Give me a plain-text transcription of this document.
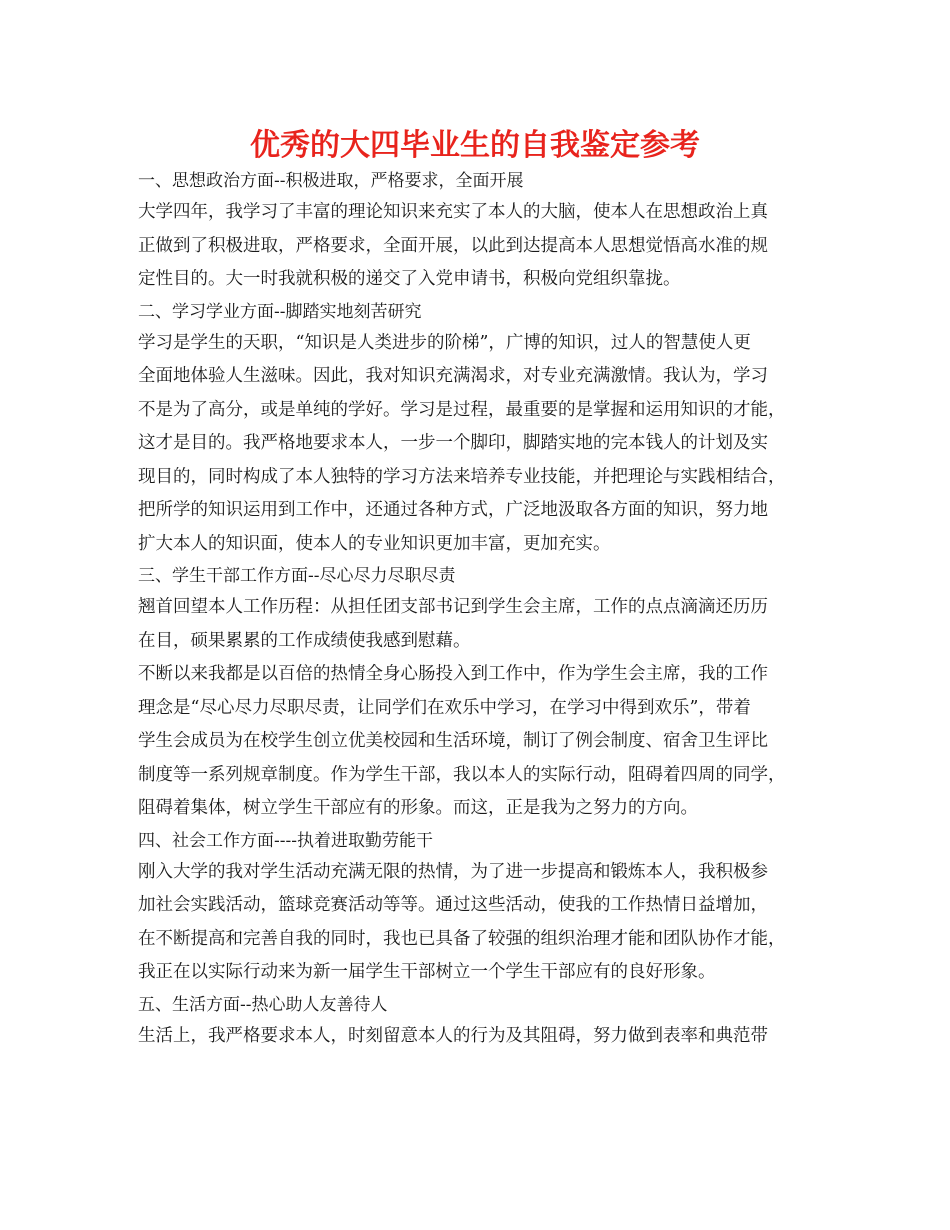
优秀的大四毕业生的自我鉴定参考
一、思想政治方面--积极进取，严格要求，全面开展
大学四年，我学习了丰富的理论知识来充实了本人的大脑，使本人在思想政治上真
正做到了积极进取，严格要求，全面开展，以此到达提高本人思想觉悟高水准的规
定性目的。大一时我就积极的递交了入党申请书，积极向党组织靠拢。
二、学习学业方面--脚踏实地刻苦研究
学习是学生的天职，“知识是人类进步的阶梯”，广博的知识，过人的智慧使人更
全面地体验人生滋味。因此，我对知识充满渴求，对专业充满激情。我认为，学习
不是为了高分，或是单纯的学好。学习是过程，最重要的是掌握和运用知识的才能，
这才是目的。我严格地要求本人，一步一个脚印，脚踏实地的完本钱人的计划及实
现目的，同时构成了本人独特的学习方法来培养专业技能，并把理论与实践相结合，
把所学的知识运用到工作中，还通过各种方式，广泛地汲取各方面的知识，努力地
扩大本人的知识面，使本人的专业知识更加丰富，更加充实。
三、学生干部工作方面--尽心尽力尽职尽责
翘首回望本人工作历程：从担任团支部书记到学生会主席，工作的点点滴滴还历历
在目，硕果累累的工作成绩使我感到慰藉。
不断以来我都是以百倍的热情全身心肠投入到工作中，作为学生会主席，我的工作
理念是“尽心尽力尽职尽责，让同学们在欢乐中学习，在学习中得到欢乐”，带着
学生会成员为在校学生创立优美校园和生活环境，制订了例会制度、宿舍卫生评比
制度等一系列规章制度。作为学生干部，我以本人的实际行动，阻碍着四周的同学，
阻碍着集体，树立学生干部应有的形象。而这，正是我为之努力的方向。
四、社会工作方面----执着进取勤劳能干
刚入大学的我对学生活动充满无限的热情，为了进一步提高和锻炼本人，我积极参
加社会实践活动，篮球竞赛活动等等。通过这些活动，使我的工作热情日益增加，
在不断提高和完善自我的同时，我也已具备了较强的组织治理才能和团队协作才能，
我正在以实际行动来为新一届学生干部树立一个学生干部应有的良好形象。
五、生活方面--热心助人友善待人
生活上，我严格要求本人，时刻留意本人的行为及其阻碍，努力做到表率和典范带
